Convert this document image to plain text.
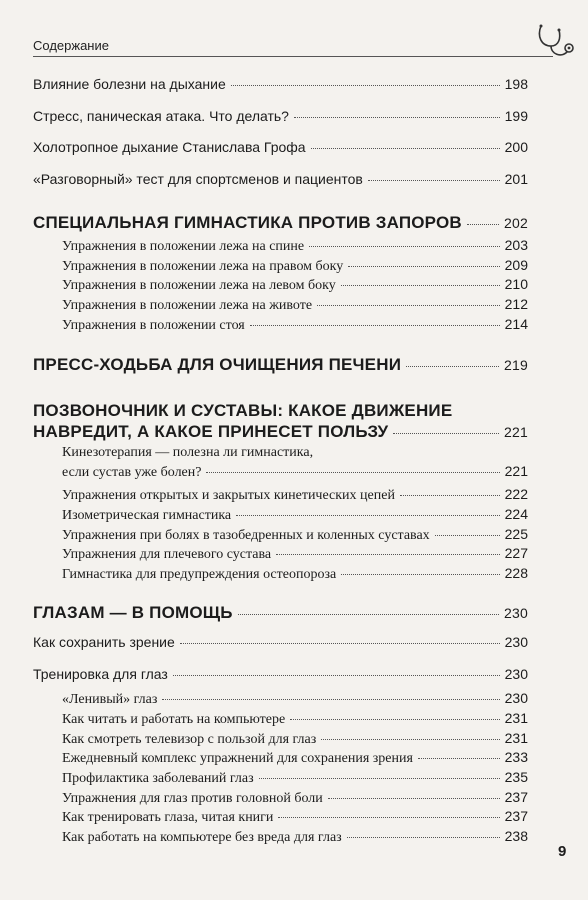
Содержание
Влияние болезни на дыхание	198
Стресс, паническая атака. Что делать?	199
Холотропное дыхание Станислава Грофа	200
«Разговорный» тест для спортсменов и пациентов	201
СПЕЦИАЛЬНАЯ ГИМНАСТИКА ПРОТИВ ЗАПОРОВ	202
Упражнения в положении лежа на спине	203
Упражнения в положении лежа на правом боку	209
Упражнения в положении лежа на левом боку	210
Упражнения в положении лежа на животе	212
Упражнения в положении стоя	214
ПРЕСС-ХОДЬБА ДЛЯ ОЧИЩЕНИЯ ПЕЧЕНИ	219
ПОЗВОНОЧНИК И СУСТАВЫ: КАКОЕ ДВИЖЕНИЕ
НАВРЕДИТ, А КАКОЕ ПРИНЕСЕТ ПОЛЬЗУ	221
Кинезотерапия — полезна ли гимнастика,
если сустав уже болен?	221
Упражнения открытых и закрытых кинетических цепей	222
Изометрическая гимнастика	224
Упражнения при болях в тазобедренных и коленных суставах	225
Упражнения для плечевого сустава	227
Гимнастика для предупреждения остеопороза	228
ГЛАЗАМ — В ПОМОЩЬ	230
Как сохранить зрение	230
Тренировка для глаз	230
«Ленивый» глаз	230
Как читать и работать на компьютере	231
Как смотреть телевизор с пользой для глаз	231
Ежедневный комплекс упражнений для сохранения зрения	233
Профилактика заболеваний глаз	235
Упражнения для глаз против головной боли	237
Как тренировать глаза, читая книги	237
Как работать на компьютере без вреда для глаз	238
9
